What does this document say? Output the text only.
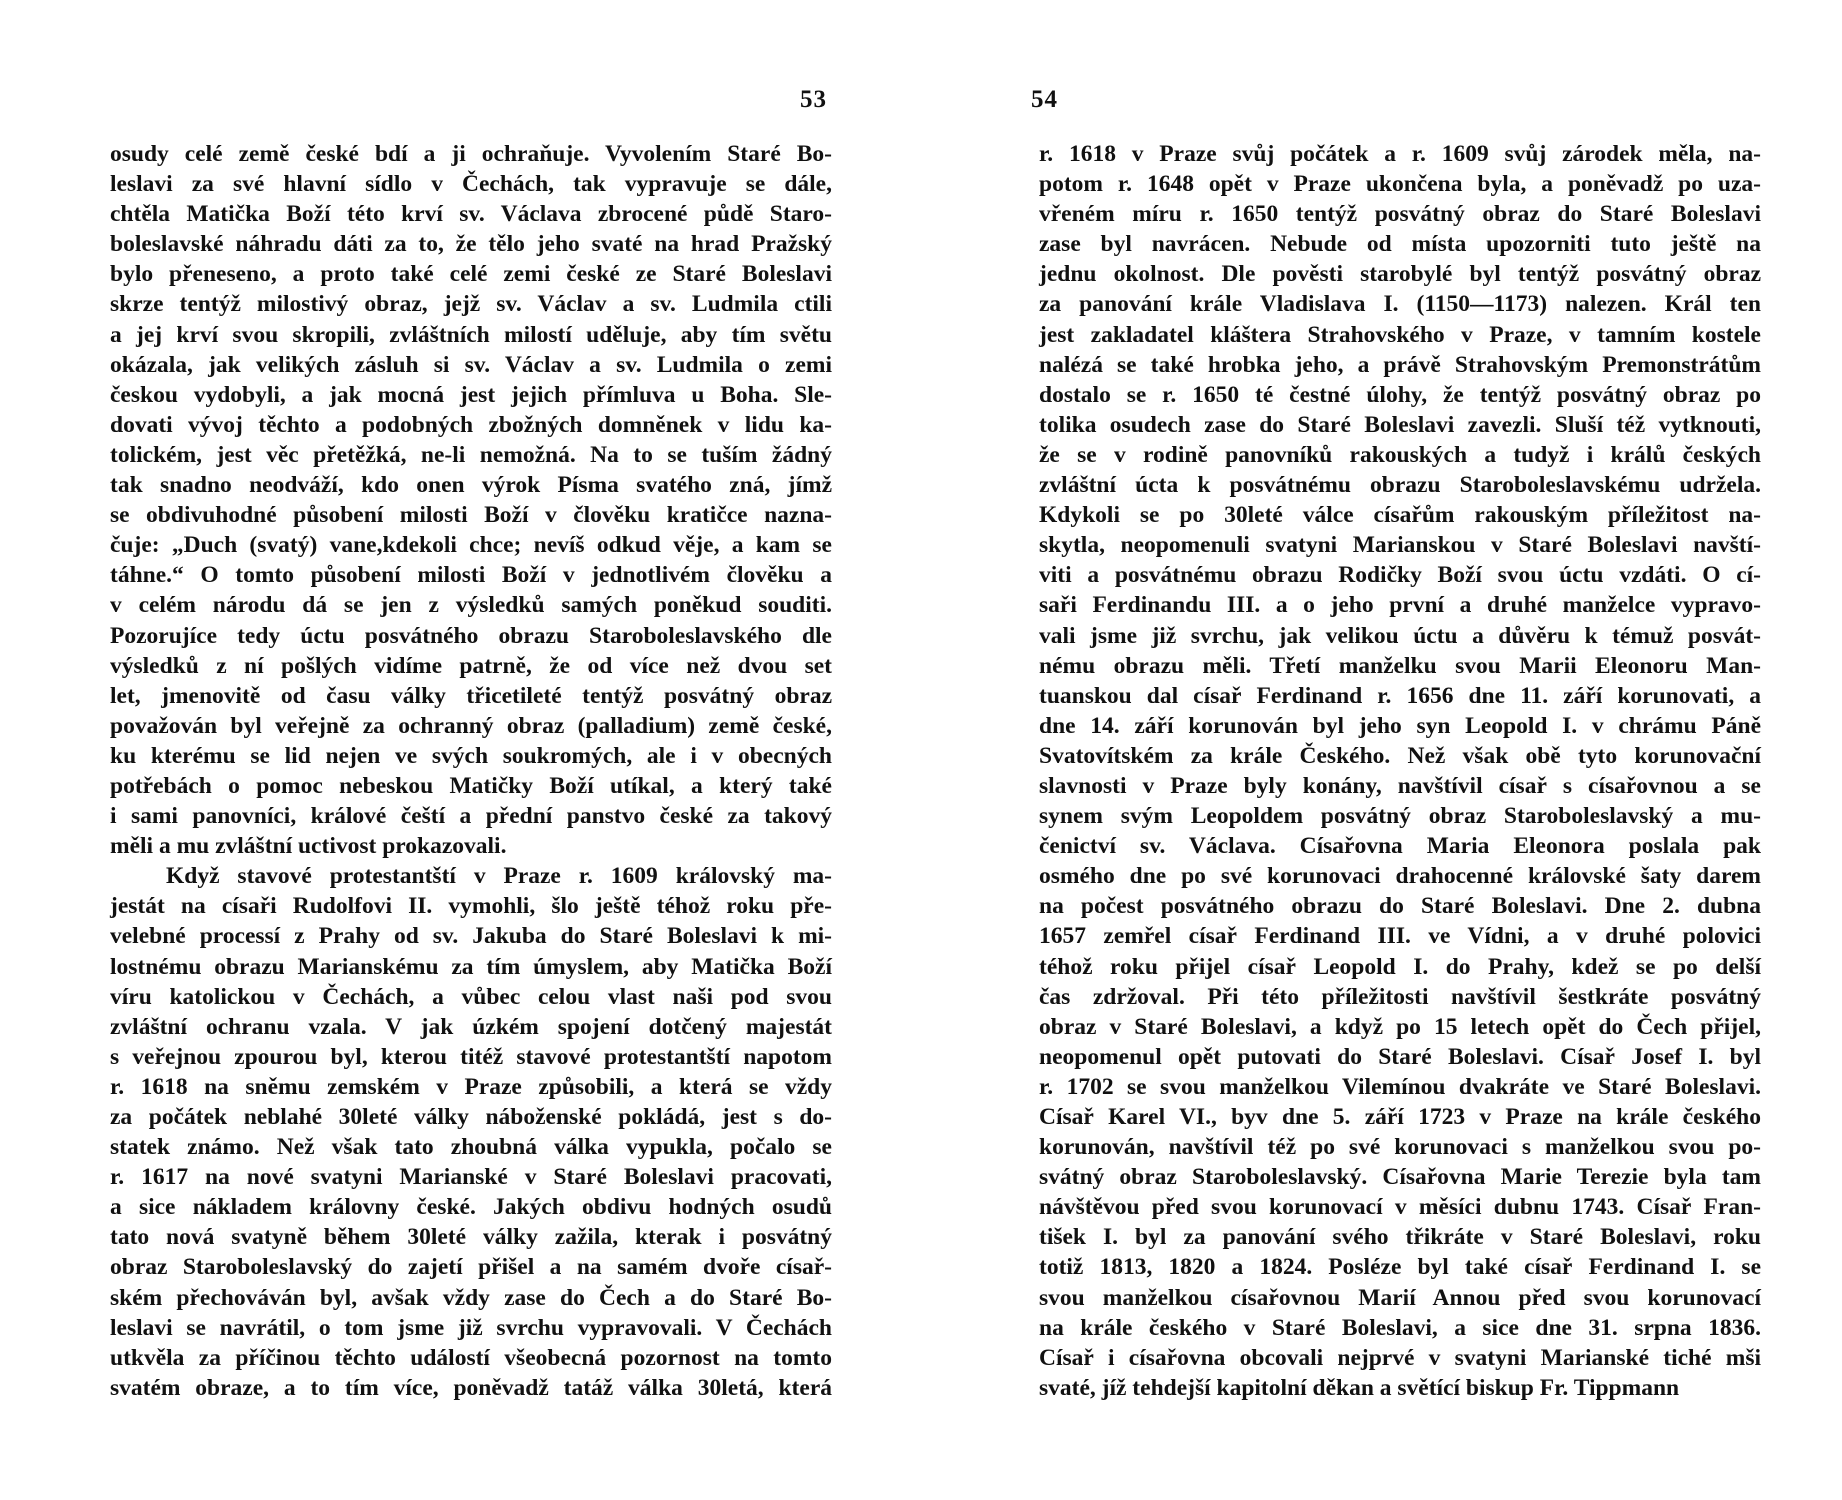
53
osudy celé země české bdí a ji ochraňuje. Vyvolením Staré Bo-
leslavi za své hlavní sídlo v Čechách, tak vypravuje se dále,
chtěla Matička Boží této krví sv. Václava zbrocené půdě Staro-
boleslavské náhradu dáti za to, že tělo jeho svaté na hrad Pražský
bylo přeneseno, a proto také celé zemi české ze Staré Boleslavi
skrze tentýž milostivý obraz, jejž sv. Václav a sv. Ludmila ctili
a jej krví svou skropili, zvláštních milostí uděluje, aby tím světu
okázala, jak velikých zásluh si sv. Václav a sv. Ludmila o zemi
českou vydobyli, a jak mocná jest jejich přímluva u Boha. Sle-
dovati vývoj těchto a podobných zbožných domněnek v lidu ka-
tolickém, jest věc přetěžká, ne-li nemožná. Na to se tuším žádný
tak snadno neodváží, kdo onen výrok Písma svatého zná, jímž
se obdivuhodné působení milosti Boží v člověku kratičce nazna-
čuje: „Duch (svatý) vane,kdekoli chce; nevíš odkud věje, a kam se
táhne.“ O tomto působení milosti Boží v jednotlivém člověku a
v celém národu dá se jen z výsledků samých poněkud souditi.
Pozorujíce tedy úctu posvátného obrazu Staroboleslavského dle
výsledků z ní pošlých vidíme patrně, že od více než dvou set
let, jmenovitě od času války třicetileté tentýž posvátný obraz
považován byl veřejně za ochranný obraz (palladium) země české,
ku kterému se lid nejen ve svých soukromých, ale i v obecných
potřebách o pomoc nebeskou Matičky Boží utíkal, a který také
i sami panovníci, králové čeští a přední panstvo české za takový
měli a mu zvláštní uctivost prokazovali.
Když stavové protestantští v Praze r. 1609 královský ma-
jestát na císaři Rudolfovi II. vymohli, šlo ještě téhož roku pře-
velebné processí z Prahy od sv. Jakuba do Staré Boleslavi k mi-
lostnému obrazu Marianskému za tím úmyslem, aby Matička Boží
víru katolickou v Čechách, a vůbec celou vlast naši pod svou
zvláštní ochranu vzala. V jak úzkém spojení dotčený majestát
s veřejnou zpourou byl, kterou titéž stavové protestantští napotom
r. 1618 na sněmu zemském v Praze způsobili, a která se vždy
za počátek neblahé 30leté války náboženské pokládá, jest s do-
statek známo. Než však tato zhoubná válka vypukla, počalo se
r. 1617 na nové svatyni Marianské v Staré Boleslavi pracovati,
a sice nákladem královny české. Jakých obdivu hodných osudů
tato nová svatyně během 30leté války zažila, kterak i posvátný
obraz Staroboleslavský do zajetí přišel a na samém dvoře císař-
ském přechováván byl, avšak vždy zase do Čech a do Staré Bo-
leslavi se navrátil, o tom jsme již svrchu vypravovali. V Čechách
utkvěla za příčinou těchto událostí všeobecná pozornost na tomto
svatém obraze, a to tím více, poněvadž tatáž válka 30letá, která
54
r. 1618 v Praze svůj počátek a r. 1609 svůj zárodek měla, na-
potom r. 1648 opět v Praze ukončena byla, a poněvadž po uza-
vřeném míru r. 1650 tentýž posvátný obraz do Staré Boleslavi
zase byl navrácen. Nebude od místa upozorniti tuto ještě na
jednu okolnost. Dle pověsti starobylé byl tentýž posvátný obraz
za panování krále Vladislava I. (1150—1173) nalezen. Král ten
jest zakladatel kláštera Strahovského v Praze, v tamním kostele
nalézá se také hrobka jeho, a právě Strahovským Premonstrátům
dostalo se r. 1650 té čestné úlohy, že tentýž posvátný obraz po
tolika osudech zase do Staré Boleslavi zavezli. Sluší též vytknouti,
že se v rodině panovníků rakouských a tudyž i králů českých
zvláštní úcta k posvátnému obrazu Staroboleslavskému udržela.
Kdykoli se po 30leté válce císařům rakouským příležitost na-
skytla, neopomenuli svatyni Marianskou v Staré Boleslavi navští-
viti a posvátnému obrazu Rodičky Boží svou úctu vzdáti. O cí-
saři Ferdinandu III. a o jeho první a druhé manželce vypravo-
vali jsme již svrchu, jak velikou úctu a důvěru k témuž posvát-
nému obrazu měli. Třetí manželku svou Marii Eleonoru Man-
tuanskou dal císař Ferdinand r. 1656 dne 11. září korunovati, a
dne 14. září korunován byl jeho syn Leopold I. v chrámu Páně
Svatovítském za krále Českého. Než však obě tyto korunovační
slavnosti v Praze byly konány, navštívil císař s císařovnou a se
synem svým Leopoldem posvátný obraz Staroboleslavský a mu-
čenictví sv. Václava. Císařovna Maria Eleonora poslala pak
osmého dne po své korunovaci drahocenné královské šaty darem
na počest posvátného obrazu do Staré Boleslavi. Dne 2. dubna
1657 zemřel císař Ferdinand III. ve Vídni, a v druhé polovici
téhož roku přijel císař Leopold I. do Prahy, kdež se po delší
čas zdržoval. Při této příležitosti navštívil šestkráte posvátný
obraz v Staré Boleslavi, a když po 15 letech opět do Čech přijel,
neopomenul opět putovati do Staré Boleslavi. Císař Josef I. byl
r. 1702 se svou manželkou Vilemínou dvakráte ve Staré Boleslavi.
Císař Karel VI., byv dne 5. září 1723 v Praze na krále českého
korunován, navštívil též po své korunovaci s manželkou svou po-
svátný obraz Staroboleslavský. Císařovna Marie Terezie byla tam
návštěvou před svou korunovací v měsíci dubnu 1743. Císař Fran-
tišek I. byl za panování svého třikráte v Staré Boleslavi, roku
totiž 1813, 1820 a 1824. Posléze byl také císař Ferdinand I. se
svou manželkou císařovnou Marií Annou před svou korunovací
na krále českého v Staré Boleslavi, a sice dne 31. srpna 1836.
Císař i císařovna obcovali nejprvé v svatyni Marianské tiché mši
svaté, jíž tehdejší kapitolní děkan a světící biskup Fr. Tippmann
